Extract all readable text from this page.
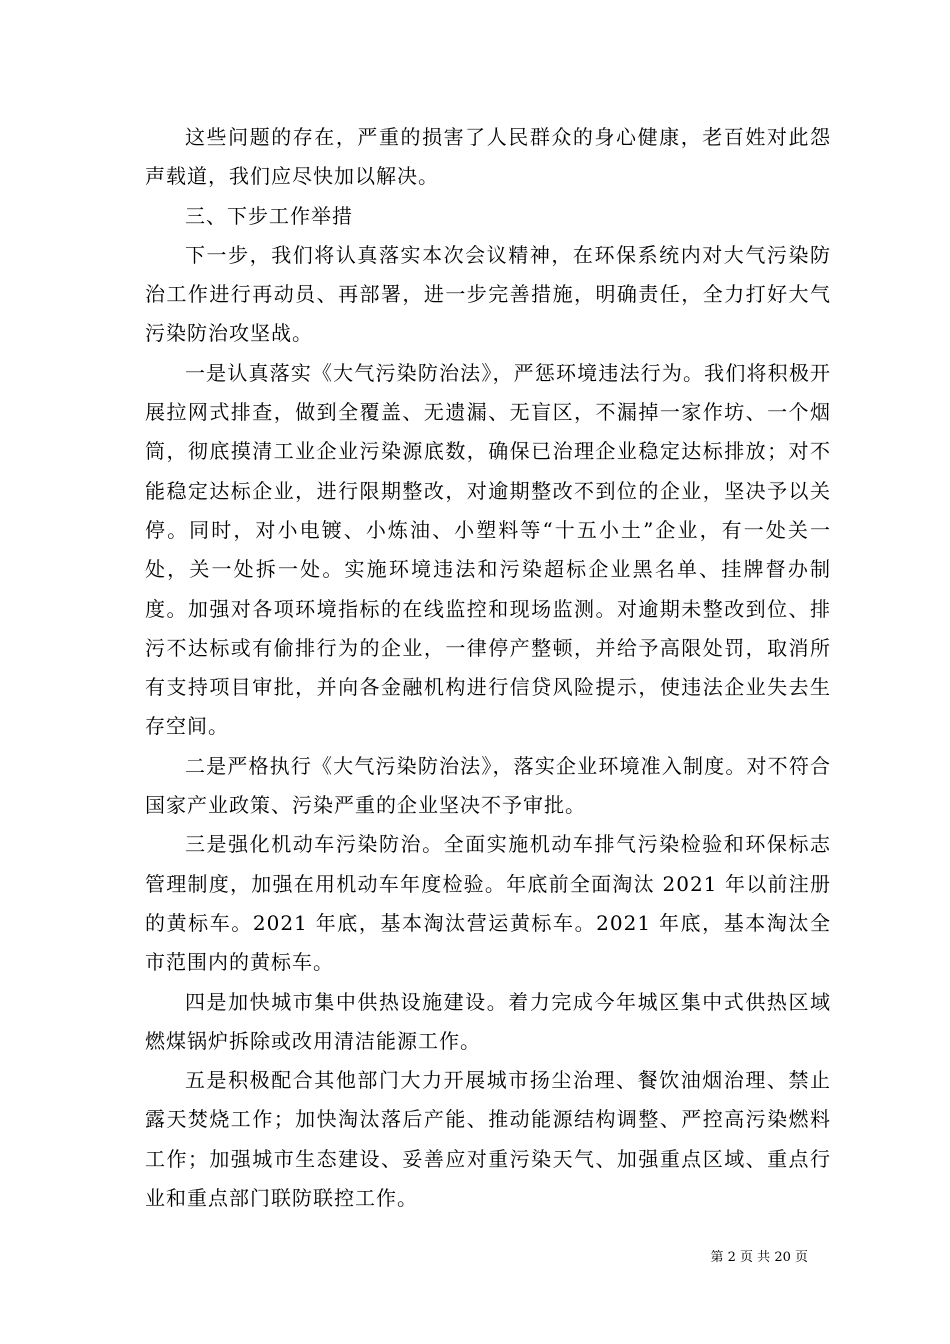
这些问题的存在，严重的损害了人民群众的身心健康，老百姓对此怨声载道，我们应尽快加以解决。

三、下步工作举措

下一步，我们将认真落实本次会议精神，在环保系统内对大气污染防治工作进行再动员、再部署，进一步完善措施，明确责任，全力打好大气污染防治攻坚战。

一是认真落实《大气污染防治法》，严惩环境违法行为。我们将积极开展拉网式排查，做到全覆盖、无遗漏、无盲区，不漏掉一家作坊、一个烟筒，彻底摸清工业企业污染源底数，确保已治理企业稳定达标排放；对不能稳定达标企业，进行限期整改，对逾期整改不到位的企业，坚决予以关停。同时，对小电镀、小炼油、小塑料等“十五小土”企业，有一处关一处，关一处拆一处。实施环境违法和污染超标企业黑名单、挂牌督办制度。加强对各项环境指标的在线监控和现场监测。对逾期未整改到位、排污不达标或有偷排行为的企业，一律停产整顿，并给予高限处罚，取消所有支持项目审批，并向各金融机构进行信贷风险提示，使违法企业失去生存空间。

二是严格执行《大气污染防治法》，落实企业环境准入制度。对不符合国家产业政策、污染严重的企业坚决不予审批。

三是强化机动车污染防治。全面实施机动车排气污染检验和环保标志管理制度，加强在用机动车年度检验。年底前全面淘汰 2021 年以前注册的黄标车。2021 年底，基本淘汰营运黄标车。2021 年底，基本淘汰全市范围内的黄标车。

四是加快城市集中供热设施建设。着力完成今年城区集中式供热区域燃煤锅炉拆除或改用清洁能源工作。

五是积极配合其他部门大力开展城市扬尘治理、餐饮油烟治理、禁止露天焚烧工作；加快淘汰落后产能、推动能源结构调整、严控高污染燃料工作；加强城市生态建设、妥善应对重污染天气、加强重点区域、重点行业和重点部门联防联控工作。

第 2 页 共 20 页
